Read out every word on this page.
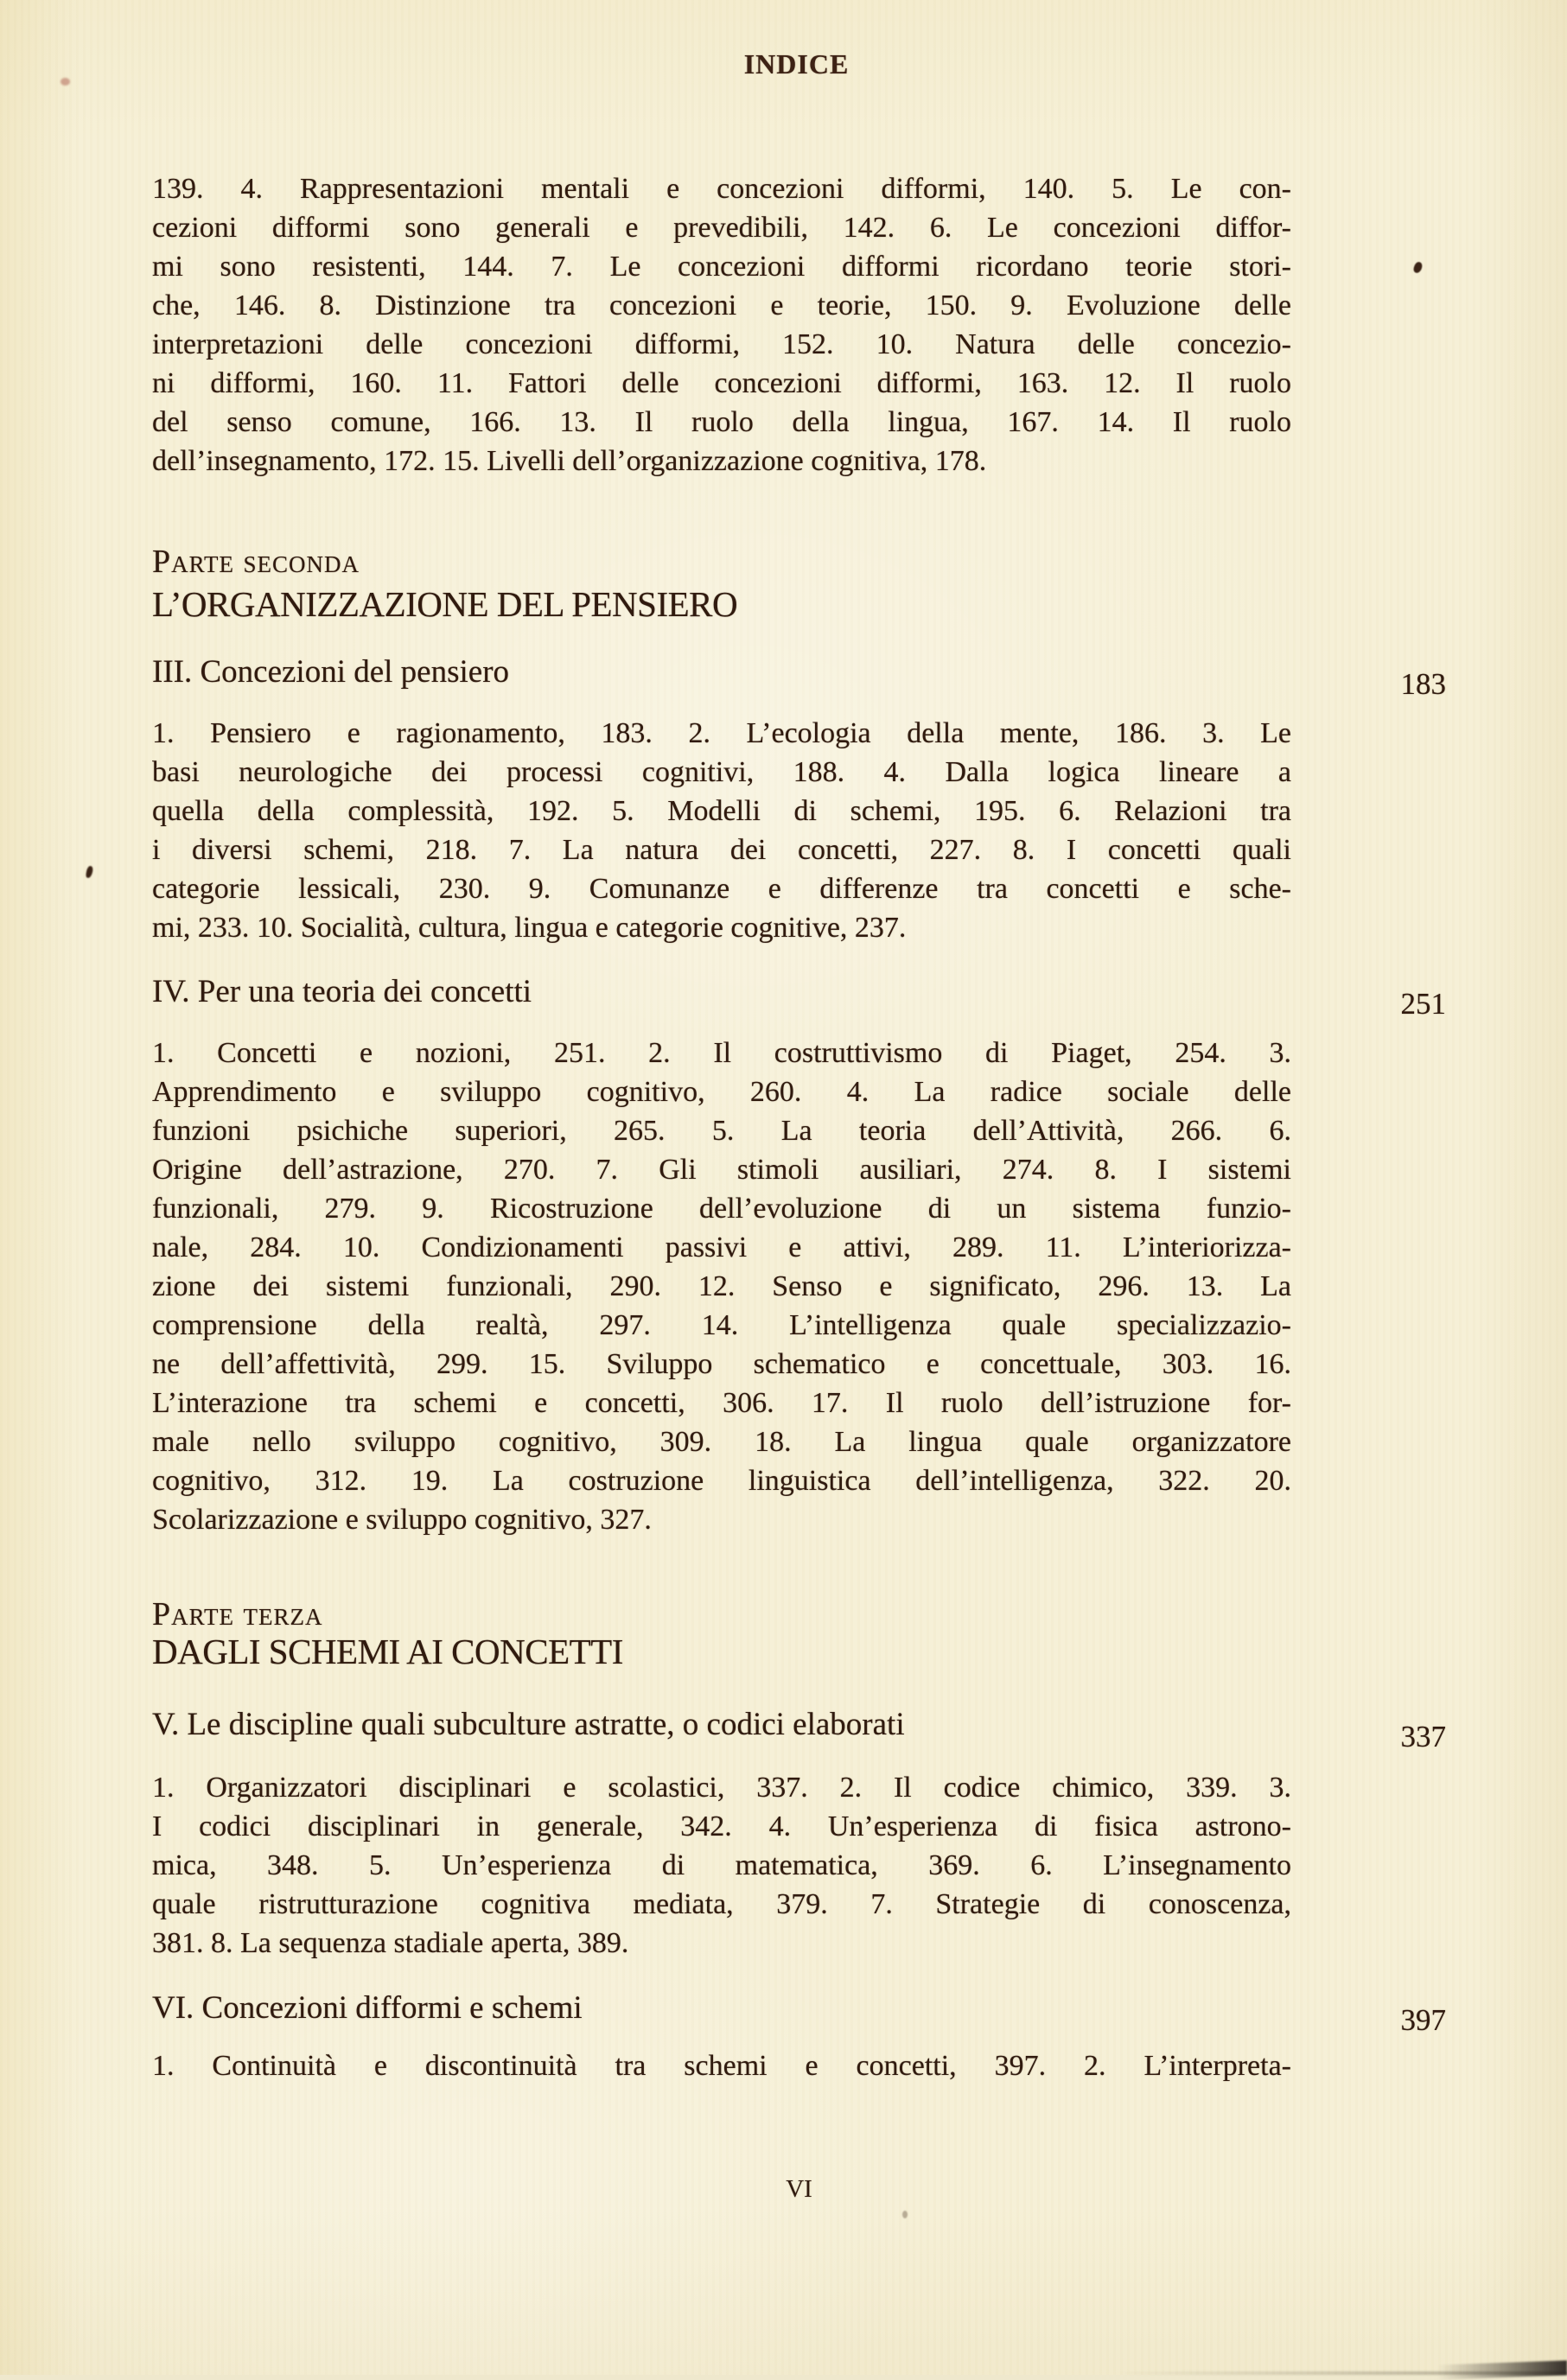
INDICE
139. 4. Rappresentazioni mentali e concezioni difformi, 140. 5. Le con-
cezioni difformi sono generali e prevedibili, 142. 6. Le concezioni diffor-
mi sono resistenti, 144. 7. Le concezioni difformi ricordano teorie stori-
che, 146. 8. Distinzione tra concezioni e teorie, 150. 9. Evoluzione delle
interpretazioni delle concezioni difformi, 152. 10. Natura delle concezio-
ni difformi, 160. 11. Fattori delle concezioni difformi, 163. 12. Il ruolo
del senso comune, 166. 13. Il ruolo della lingua, 167. 14. Il ruolo
dell’insegnamento, 172. 15. Livelli dell’organizzazione cognitiva, 178.
Parte seconda
L’ORGANIZZAZIONE DEL PENSIERO
III. Concezioni del pensiero	183
1. Pensiero e ragionamento, 183. 2. L’ecologia della mente, 186. 3. Le
basi neurologiche dei processi cognitivi, 188. 4. Dalla logica lineare a
quella della complessità, 192. 5. Modelli di schemi, 195. 6. Relazioni tra
i diversi schemi, 218. 7. La natura dei concetti, 227. 8. I concetti quali
categorie lessicali, 230. 9. Comunanze e differenze tra concetti e sche-
mi, 233. 10. Socialità, cultura, lingua e categorie cognitive, 237.
IV. Per una teoria dei concetti	251
1. Concetti e nozioni, 251. 2. Il costruttivismo di Piaget, 254. 3.
Apprendimento e sviluppo cognitivo, 260. 4. La radice sociale delle
funzioni psichiche superiori, 265. 5. La teoria dell’Attività, 266. 6.
Origine dell’astrazione, 270. 7. Gli stimoli ausiliari, 274. 8. I sistemi
funzionali, 279. 9. Ricostruzione dell’evoluzione di un sistema funzio-
nale, 284. 10. Condizionamenti passivi e attivi, 289. 11. L’interiorizza-
zione dei sistemi funzionali, 290. 12. Senso e significato, 296. 13. La
comprensione della realtà, 297. 14. L’intelligenza quale specializzazio-
ne dell’affettività, 299. 15. Sviluppo schematico e concettuale, 303. 16.
L’interazione tra schemi e concetti, 306. 17. Il ruolo dell’istruzione for-
male nello sviluppo cognitivo, 309. 18. La lingua quale organizzatore
cognitivo, 312. 19. La costruzione linguistica dell’intelligenza, 322. 20.
Scolarizzazione e sviluppo cognitivo, 327.
Parte terza
DAGLI SCHEMI AI CONCETTI
V. Le discipline quali subculture astratte, o codici elaborati	337
1. Organizzatori disciplinari e scolastici, 337. 2. Il codice chimico, 339. 3.
I codici disciplinari in generale, 342. 4. Un’esperienza di fisica astrono-
mica, 348. 5. Un’esperienza di matematica, 369. 6. L’insegnamento
quale ristrutturazione cognitiva mediata, 379. 7. Strategie di conoscenza,
381. 8. La sequenza stadiale aperta, 389.
VI. Concezioni difformi e schemi	397
1. Continuità e discontinuità tra schemi e concetti, 397. 2. L’interpreta-
VI
